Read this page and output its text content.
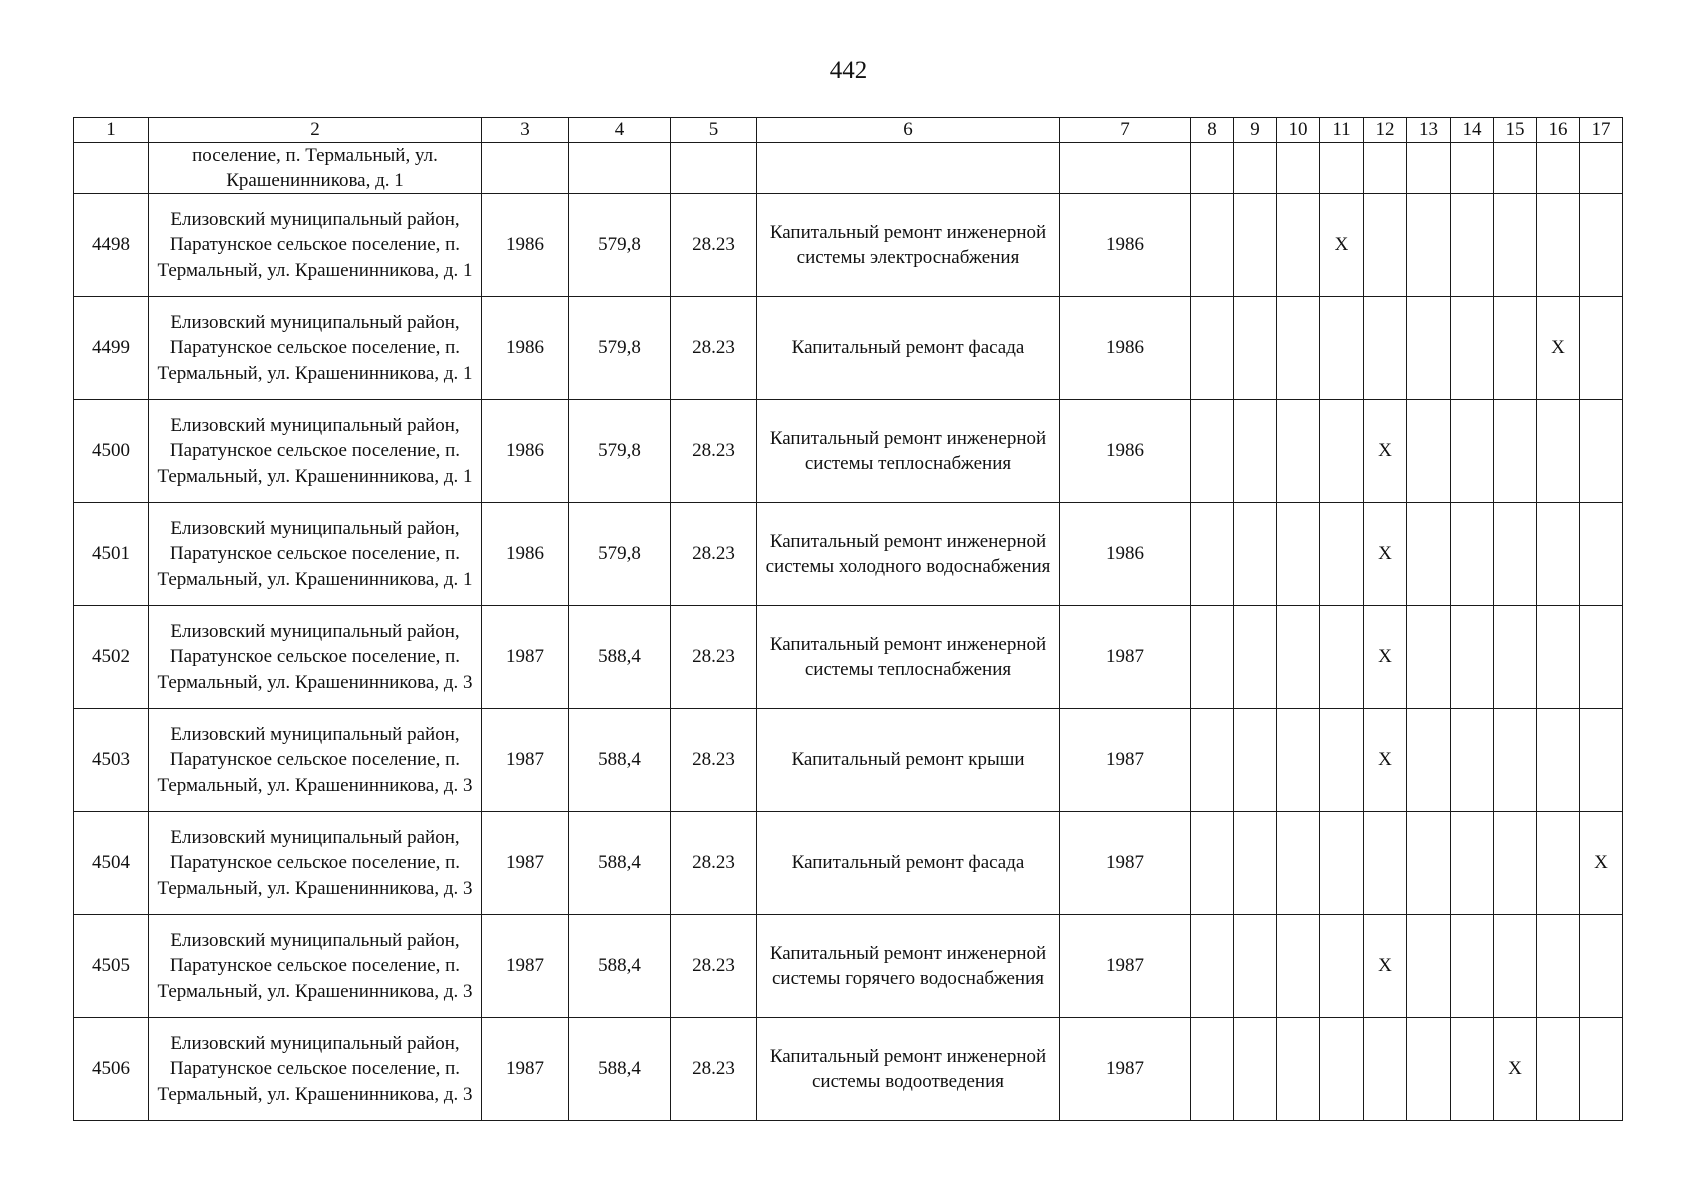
442
1	2	3	4	5	6	7	8	9	10	11	12	13	14	15	16	17
	поселение, п. Термальный, ул. Крашенинникова, д. 1															
4498	Елизовский муниципальный район, Паратунское сельское поселение, п. Термальный, ул. Крашенинникова, д. 1	1986	579,8	28.23	Капитальный ремонт инженерной системы электроснабжения	1986				X						
4499	Елизовский муниципальный район, Паратунское сельское поселение, п. Термальный, ул. Крашенинникова, д. 1	1986	579,8	28.23	Капитальный ремонт фасада	1986									X	
4500	Елизовский муниципальный район, Паратунское сельское поселение, п. Термальный, ул. Крашенинникова, д. 1	1986	579,8	28.23	Капитальный ремонт инженерной системы теплоснабжения	1986					X					
4501	Елизовский муниципальный район, Паратунское сельское поселение, п. Термальный, ул. Крашенинникова, д. 1	1986	579,8	28.23	Капитальный ремонт инженерной системы холодного водоснабжения	1986					X					
4502	Елизовский муниципальный район, Паратунское сельское поселение, п. Термальный, ул. Крашенинникова, д. 3	1987	588,4	28.23	Капитальный ремонт инженерной системы теплоснабжения	1987					X					
4503	Елизовский муниципальный район, Паратунское сельское поселение, п. Термальный, ул. Крашенинникова, д. 3	1987	588,4	28.23	Капитальный ремонт крыши	1987					X					
4504	Елизовский муниципальный район, Паратунское сельское поселение, п. Термальный, ул. Крашенинникова, д. 3	1987	588,4	28.23	Капитальный ремонт фасада	1987										X
4505	Елизовский муниципальный район, Паратунское сельское поселение, п. Термальный, ул. Крашенинникова, д. 3	1987	588,4	28.23	Капитальный ремонт инженерной системы горячего водоснабжения	1987					X					
4506	Елизовский муниципальный район, Паратунское сельское поселение, п. Термальный, ул. Крашенинникова, д. 3	1987	588,4	28.23	Капитальный ремонт инженерной системы водоотведения	1987								X		
